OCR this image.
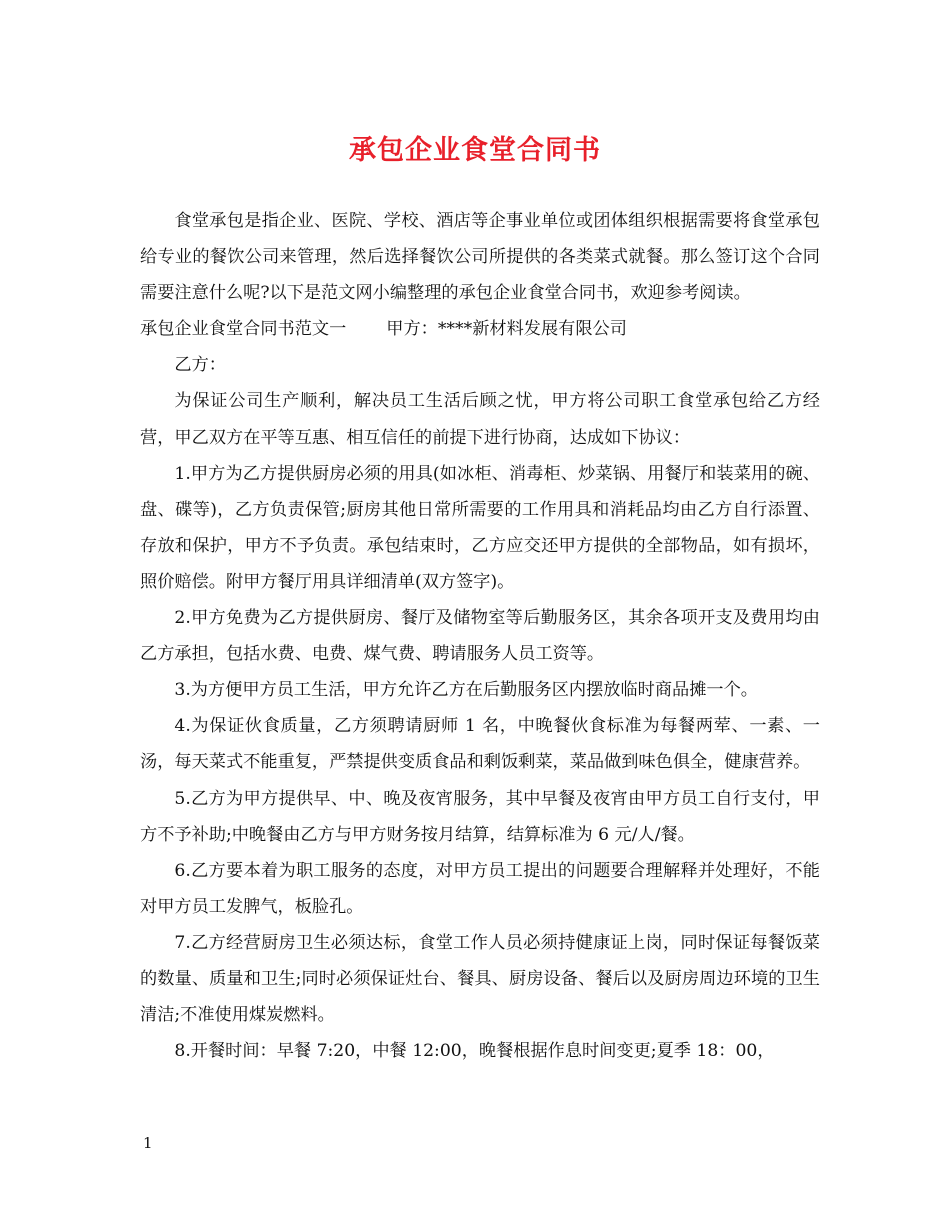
承包企业食堂合同书

食堂承包是指企业、医院、学校、酒店等企事业单位或团体组织根据需要将食堂承包给专业的餐饮公司来管理，然后选择餐饮公司所提供的各类菜式就餐。那么签订这个合同需要注意什么呢?以下是范文网小编整理的承包企业食堂合同书，欢迎参考阅读。

承包企业食堂合同书范文一 甲方：****新材料发展有限公司

乙方：

为保证公司生产顺利，解决员工生活后顾之忧，甲方将公司职工食堂承包给乙方经营，甲乙双方在平等互惠、相互信任的前提下进行协商，达成如下协议：

1.甲方为乙方提供厨房必须的用具(如冰柜、消毒柜、炒菜锅、用餐厅和装菜用的碗、盘、碟等)，乙方负责保管;厨房其他日常所需要的工作用具和消耗品均由乙方自行添置、存放和保护，甲方不予负责。承包结束时，乙方应交还甲方提供的全部物品，如有损坏，照价赔偿。附甲方餐厅用具详细清单(双方签字)。

2.甲方免费为乙方提供厨房、餐厅及储物室等后勤服务区，其余各项开支及费用均由乙方承担，包括水费、电费、煤气费、聘请服务人员工资等。

3.为方便甲方员工生活，甲方允许乙方在后勤服务区内摆放临时商品摊一个。

4.为保证伙食质量，乙方须聘请厨师 1 名，中晚餐伙食标准为每餐两荤、一素、一汤，每天菜式不能重复，严禁提供变质食品和剩饭剩菜，菜品做到味色俱全，健康营养。

5.乙方为甲方提供早、中、晚及夜宵服务，其中早餐及夜宵由甲方员工自行支付，甲方不予补助;中晚餐由乙方与甲方财务按月结算，结算标准为 6 元/人/餐。

6.乙方要本着为职工服务的态度，对甲方员工提出的问题要合理解释并处理好，不能对甲方员工发脾气，板脸孔。

7.乙方经营厨房卫生必须达标，食堂工作人员必须持健康证上岗，同时保证每餐饭菜的数量、质量和卫生;同时必须保证灶台、餐具、厨房设备、餐后以及厨房周边环境的卫生清洁;不准使用煤炭燃料。

8.开餐时间：早餐 7:20，中餐 12:00，晚餐根据作息时间变更;夏季 18：00，

1
